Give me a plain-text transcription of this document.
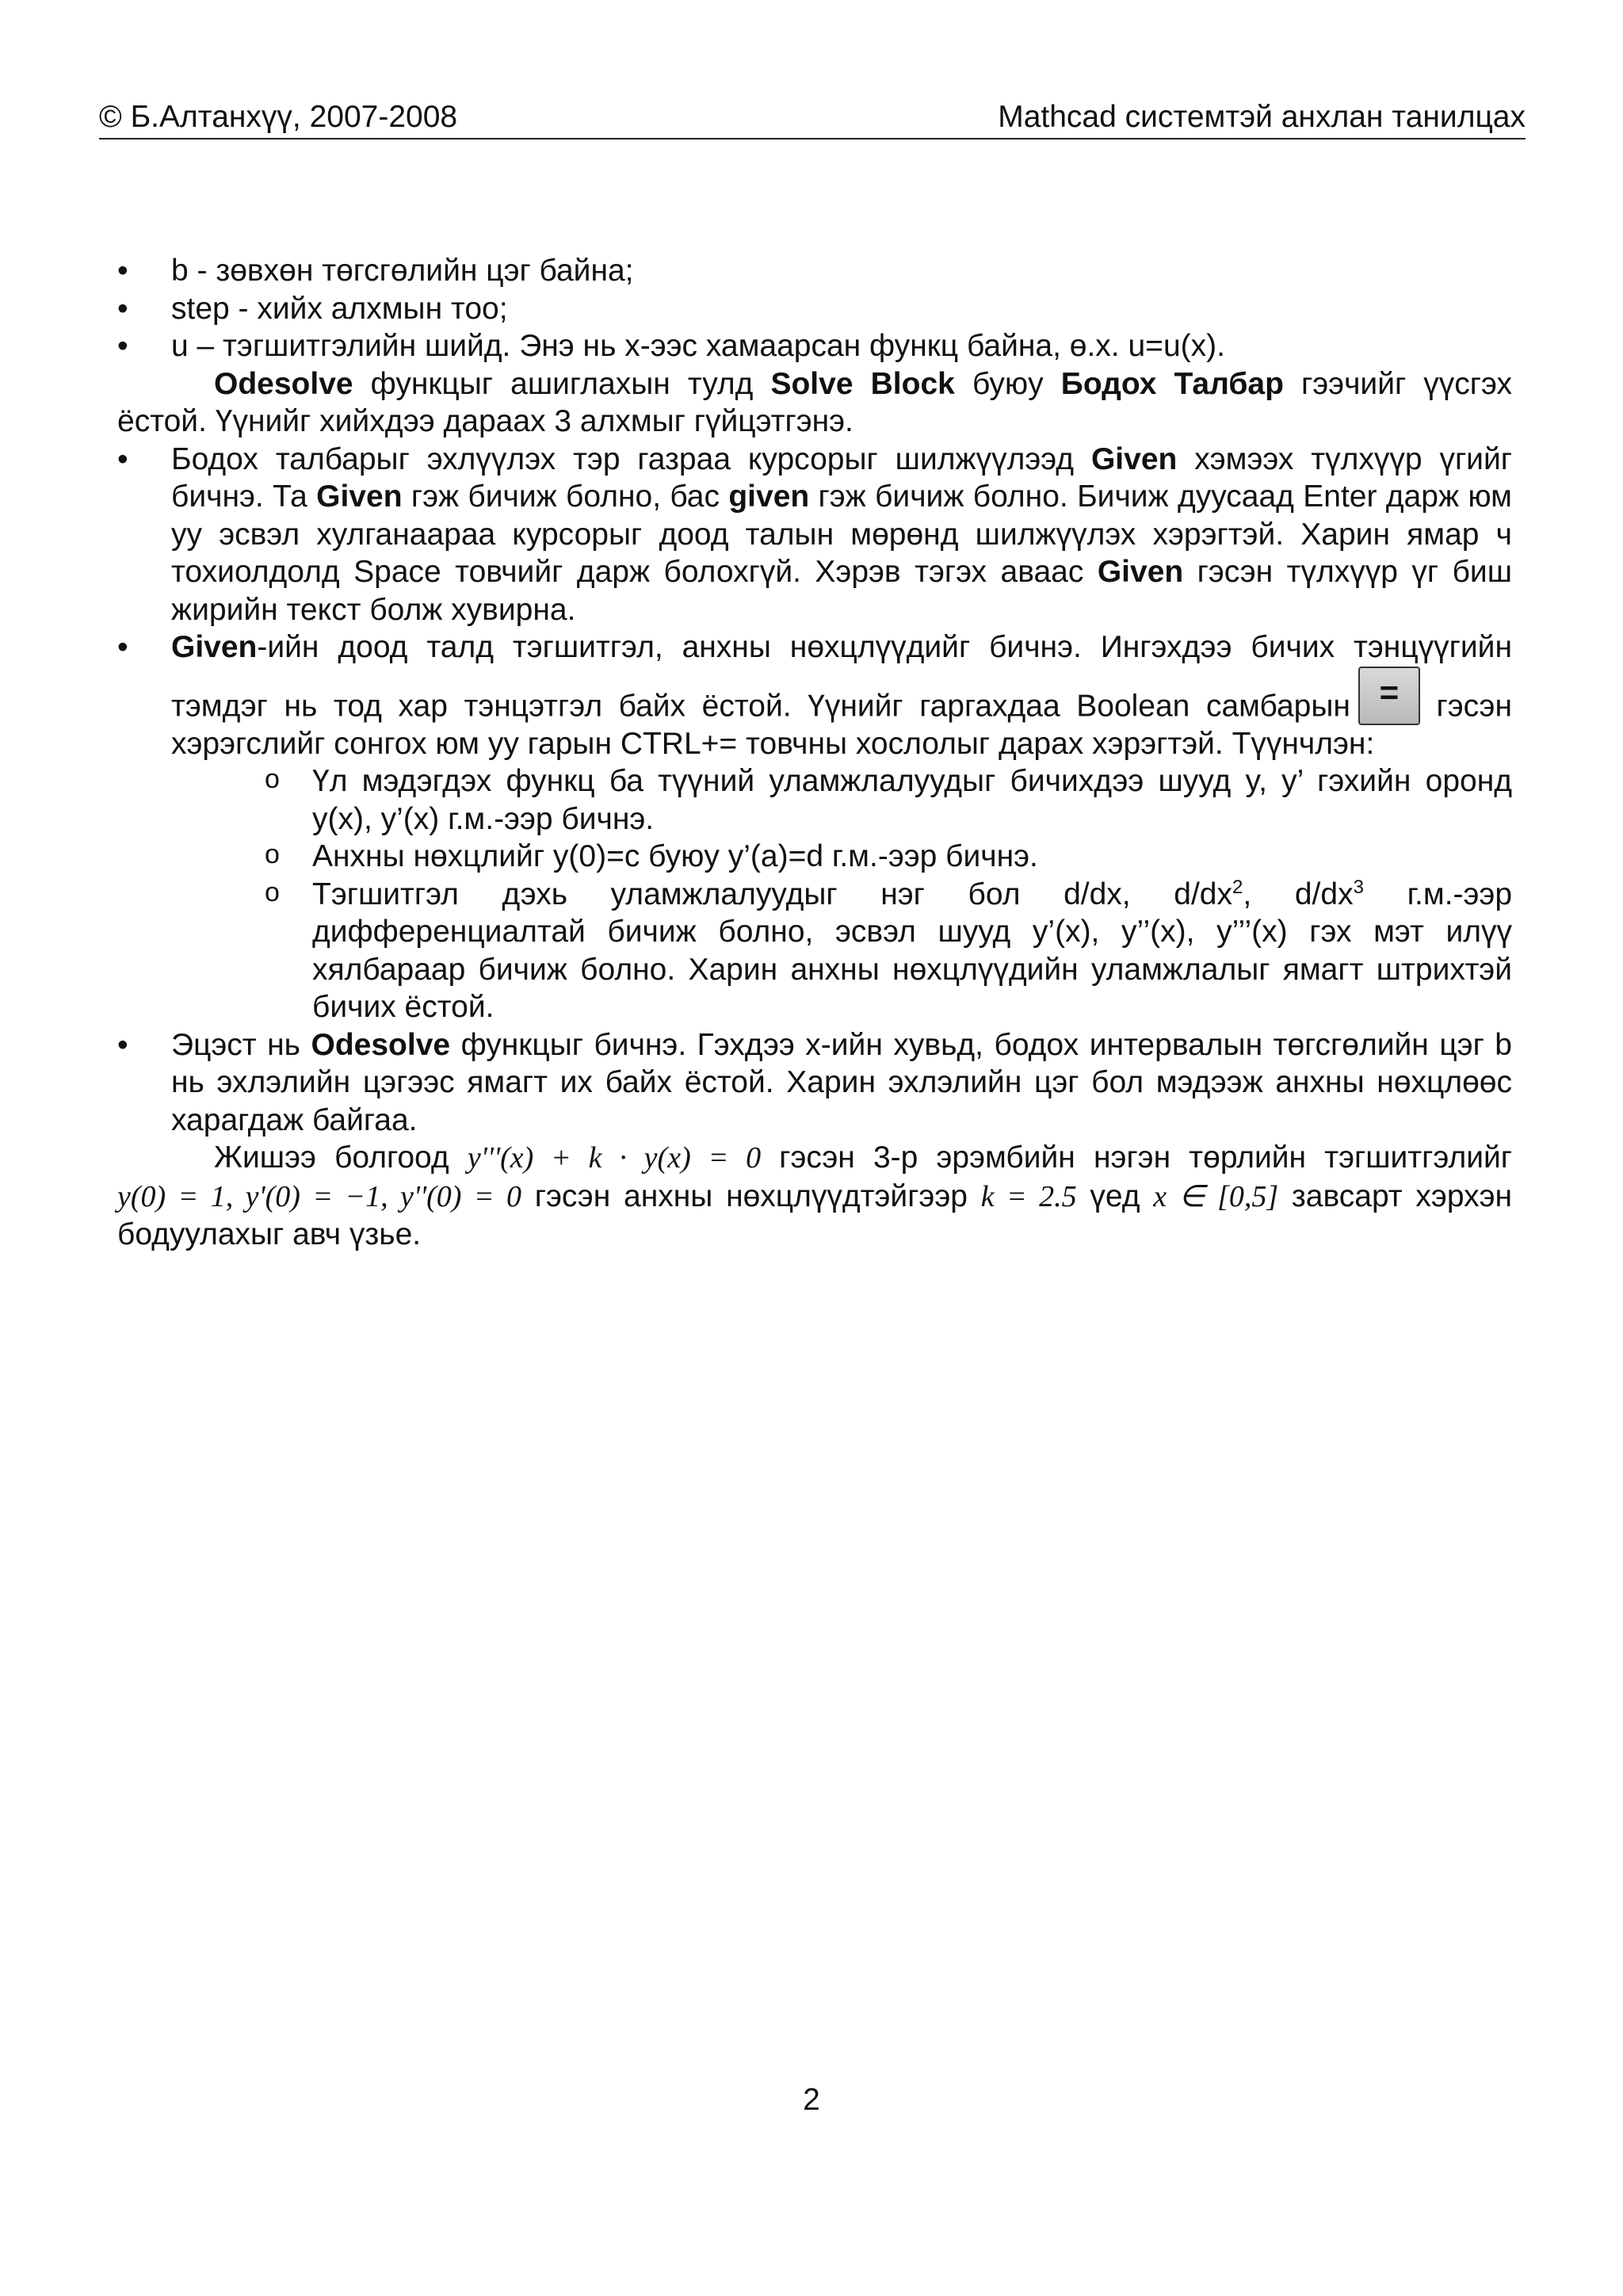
© Б.Алтанхүү, 2007-2008	Mathcad системтэй анхлан танилцах
• b - зөвхөн төгсгөлийн цэг байна;
• step - хийх алхмын тоо;
• u – тэгшитгэлийн шийд. Энэ нь x-ээс хамаарсан функц байна, ө.х. u=u(x).
Odesolve функцыг ашиглахын тулд Solve Block буюу Бодох Талбар гээчийг үүсгэх ёстой. Үүнийг хийхдээ дараах 3 алхмыг гүйцэтгэнэ.
• Бодох талбарыг эхлүүлэх тэр газраа курсорыг шилжүүлээд Given хэмээх түлхүүр үгийг бичнэ. Та Given гэж бичиж болно, бас given гэж бичиж болно. Бичиж дуусаад Enter дарж юм уу эсвэл хулганаараа курсорыг доод талын мөрөнд шилжүүлэх хэрэгтэй. Харин ямар ч тохиолдолд Space товчийг дарж болохгүй. Хэрэв тэгэх аваас Given гэсэн түлхүүр үг биш жирийн текст болж хувирна.
• Given-ийн доод талд тэгшитгэл, анхны нөхцлүүдийг бичнэ. Ингэхдээ бичих тэнцүүгийн тэмдэг нь тод хар тэнцэтгэл байх ёстой. Үүнийг гаргахдаа Boolean самбарын = гэсэн хэрэгслийг сонгох юм уу гарын CTRL+= товчны хослолыг дарах хэрэгтэй. Түүнчлэн:
o Үл мэдэгдэх функц ба түүний уламжлалуудыг бичихдээ шууд y, y’ гэхийн оронд y(x), y’(x) г.м.-ээр бичнэ.
o Анхны нөхцлийг y(0)=c буюу y’(a)=d г.м.-ээр бичнэ.
o Тэгшитгэл дэхь уламжлалуудыг нэг бол d/dx, $d/dx^2$, $d/dx^3$ г.м.-ээр дифференциалтай бичиж болно, эсвэл шууд y’(x), y’’(x), y’’’(x) гэх мэт илүү хялбараар бичиж болно. Харин анхны нөхцлүүдийн уламжлалыг ямагт штрихтэй бичих ёстой.
• Эцэст нь Odesolve функцыг бичнэ. Гэхдээ x-ийн хувьд, бодох интервалын төгсгөлийн цэг b нь эхлэлийн цэгээс ямагт их байх ёстой. Харин эхлэлийн цэг бол мэдээж анхны нөхцлөөс харагдаж байгаа.
Жишээ болгоод y'''(x) + k · y(x) = 0 гэсэн 3-р эрэмбийн нэгэн төрлийн тэгшитгэлийг y(0) = 1, y'(0) = −1, y''(0) = 0 гэсэн анхны нөхцлүүдтэйгээр k = 2.5 үед x ∈ [0,5] завсарт хэрхэн бодуулахыг авч үзье.
2
